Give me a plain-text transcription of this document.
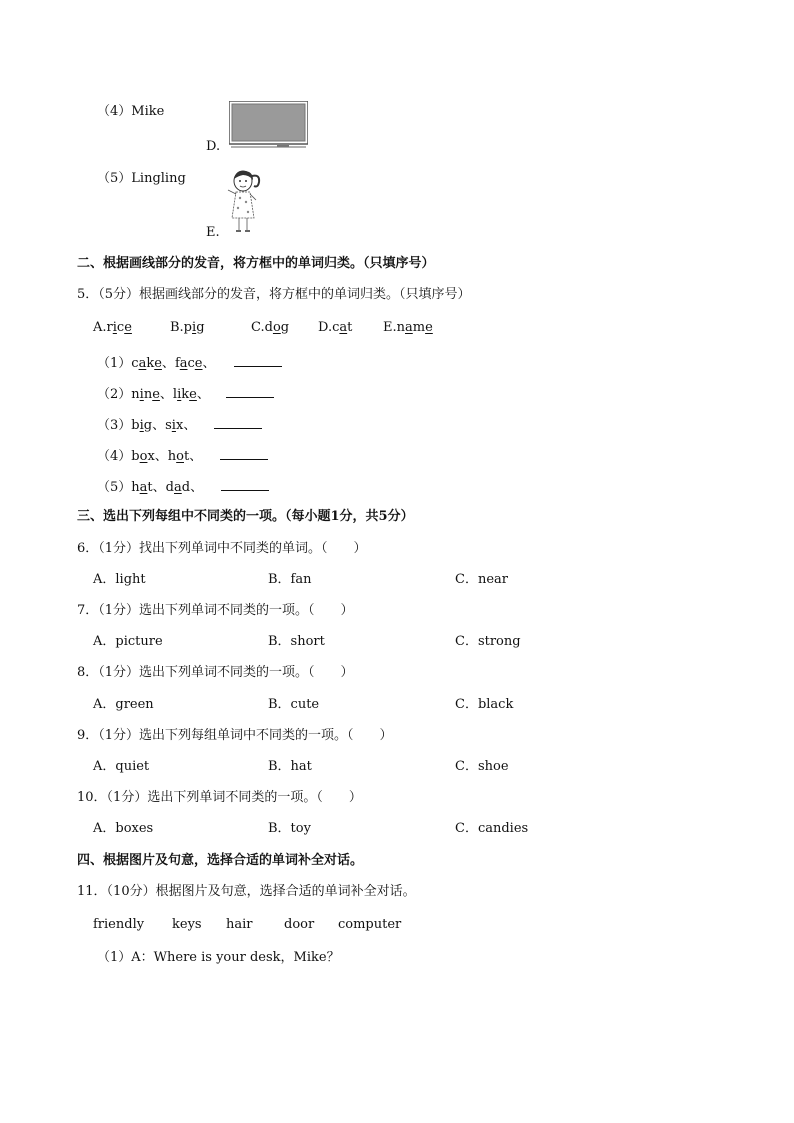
（4）Mike
D.
（5）Lingling
E.
二、根据画线部分的发音，将方框中的单词归类。（只填序号）
5．（5分）根据画线部分的发音，将方框中的单词归类。（只填序号）
A.rice	B.pig	C.dog D.cat E.name
（1）cake、face、
（2）nine、like、
（3）big、six、
（4）box、hot、
（5）hat、dad、
三、选出下列每组中不同类的一项。（每小题1分，共5分）
6．（1分）找出下列单词中不同类的单词。（　　）
A．light	B．fan	C．near
7．（1分）选出下列单词不同类的一项。（　　）
A．picture	B．short	C．strong
8．（1分）选出下列单词不同类的一项。（　　）
A．green	B．cute	C．black
9．（1分）选出下列每组单词中不同类的一项。（　　）
A．quiet	B．hat	C．shoe
10．（1分）选出下列单词不同类的一项。（　　）
A．boxes	B．toy	C．candies
四、根据图片及句意，选择合适的单词补全对话。
11．（10分）根据图片及句意，选择合适的单词补全对话。
friendly keys hair door computer
（1）A：Where is your desk，Mike？
